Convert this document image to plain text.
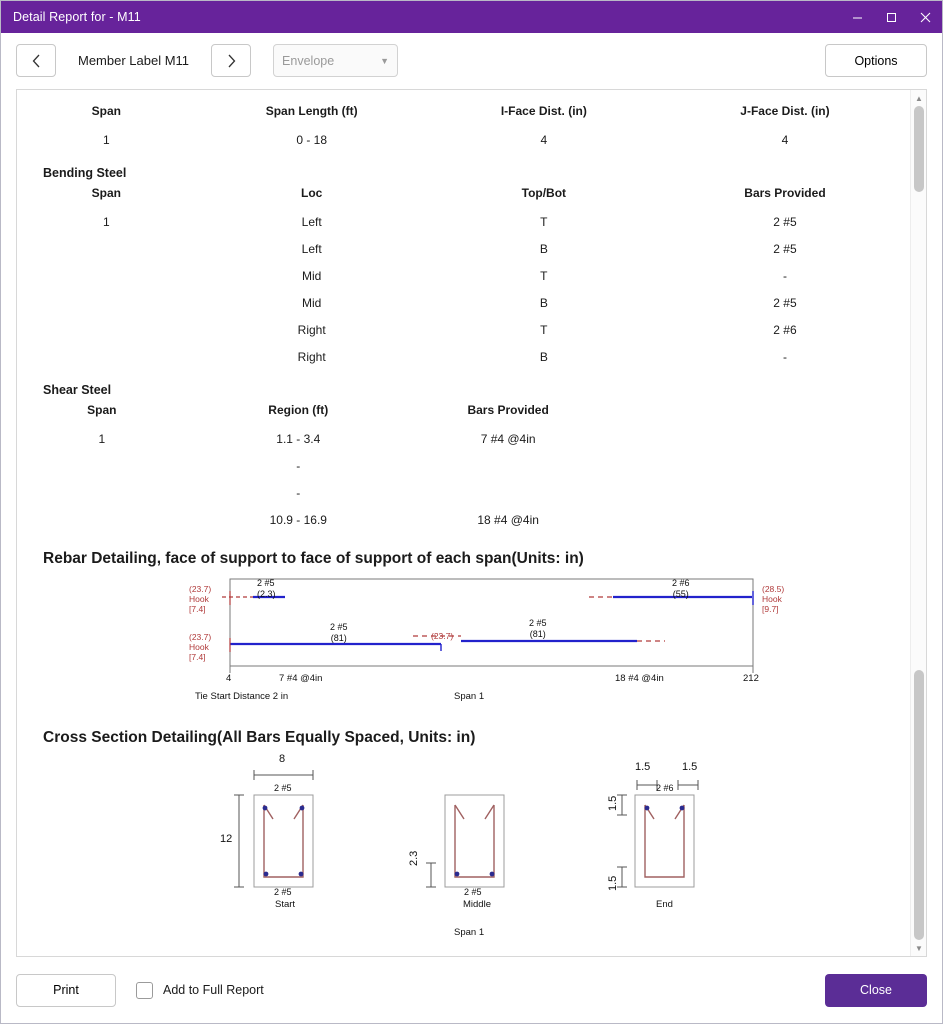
Detail Report for - M11
Member Label M11	Envelope	▼	Options
Span	Span Length (ft)	I-Face Dist. (in)	J-Face Dist. (in)
1	0 - 18	4	4
Bending Steel
Span	Loc	Top/Bot	Bars Provided
1	Left	T	2 #5
	Left	B	2 #5
	Mid	T	-
	Mid	B	2 #5
	Right	T	2 #6
	Right	B	-
Shear Steel
Span	Region (ft)	Bars Provided	
1	1.1 - 3.4	7 #4 @4in	
	-		
	-		
	10.9 - 16.9	18 #4 @4in	
Rebar Detailing, face of support to face of support of each span(Units: in)
(23.7)
Hook
[7.4]
2 #5
(2.3)
2 #6
(55)	(28.5)
Hook
[9.7]
(23.7)
Hook
[7.4]
2 #5
(81)	(23.7)
2 #5
(81)
4	7 #4 @4in	18 #4 @4in	212
Tie Start Distance 2 in	Span 1
Cross Section Detailing(All Bars Equally Spaced, Units: in)
8
12
2 #5
2 #5
Start
2.3
2 #5
Middle
1.5	1.5
1.5
1.5
2 #6
End
Span 1
▲
▼
Print	Add to Full Report	Close
